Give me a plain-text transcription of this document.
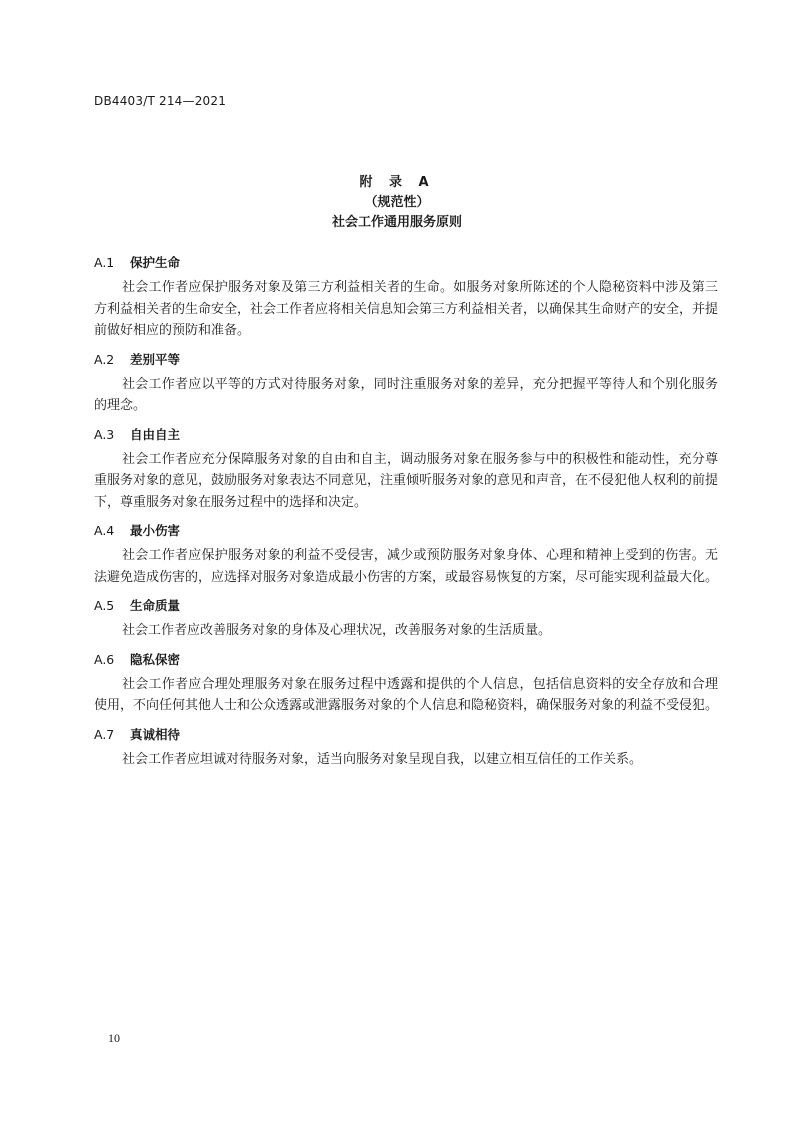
DB4403/T 214—2021
附 录 A
（规范性）
社会工作通用服务原则
A.1 保护生命

社会工作者应保护服务对象及第三方利益相关者的生命。如服务对象所陈述的个人隐秘资料中涉及第三方利益相关者的生命安全，社会工作者应将相关信息知会第三方利益相关者，以确保其生命财产的安全，并提前做好相应的预防和准备。

A.2 差别平等

社会工作者应以平等的方式对待服务对象，同时注重服务对象的差异，充分把握平等待人和个别化服务的理念。

A.3 自由自主

社会工作者应充分保障服务对象的自由和自主，调动服务对象在服务参与中的积极性和能动性，充分尊重服务对象的意见，鼓励服务对象表达不同意见，注重倾听服务对象的意见和声音，在不侵犯他人权利的前提下，尊重服务对象在服务过程中的选择和决定。

A.4 最小伤害

社会工作者应保护服务对象的利益不受侵害，减少或预防服务对象身体、心理和精神上受到的伤害。无法避免造成伤害的，应选择对服务对象造成最小伤害的方案，或最容易恢复的方案，尽可能实现利益最大化。

A.5 生命质量

社会工作者应改善服务对象的身体及心理状况，改善服务对象的生活质量。

A.6 隐私保密

社会工作者应合理处理服务对象在服务过程中透露和提供的个人信息，包括信息资料的安全存放和合理使用，不向任何其他人士和公众透露或泄露服务对象的个人信息和隐秘资料，确保服务对象的利益不受侵犯。

A.7 真诚相待

社会工作者应坦诚对待服务对象，适当向服务对象呈现自我，以建立相互信任的工作关系。

10
